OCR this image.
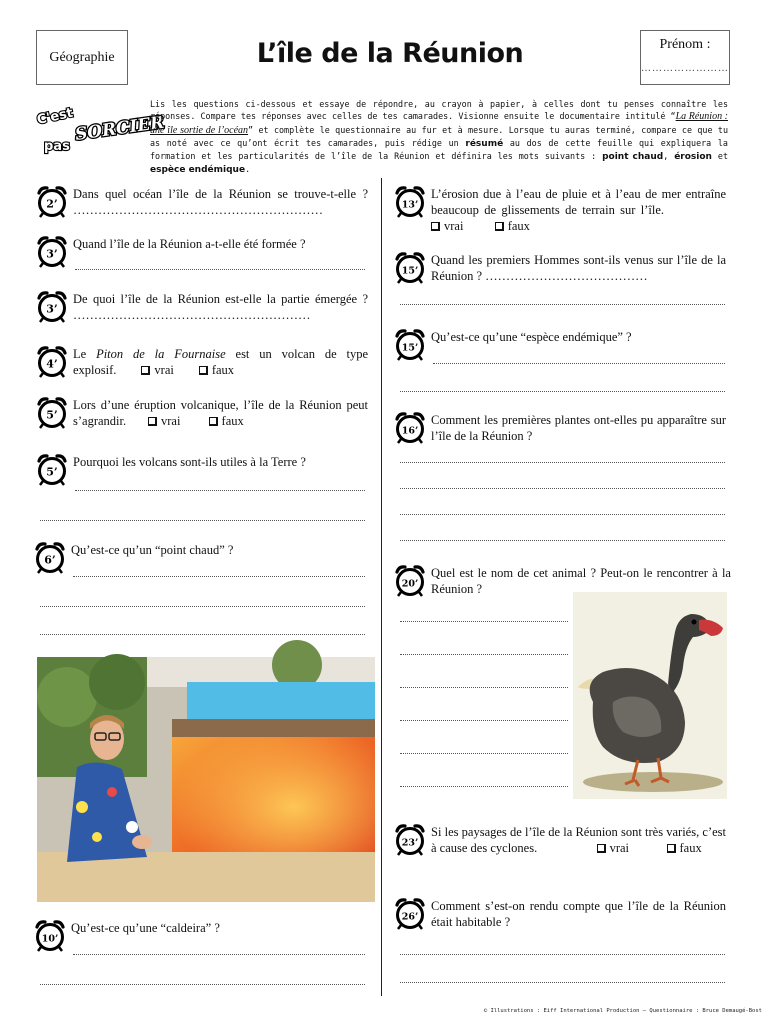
Géographie	L’île de la Réunion	Prénom :
……………………
C'est
pas
SORCIER

Lis les questions ci-dessous et essaye de répondre, au crayon à papier, à celles dont tu penses connaître les réponses. Compare tes réponses avec celles de tes camarades. Visionne ensuite le documentaire intitulé “La Réunion : une île sortie de l’océan” et complète le questionnaire au fur et à mesure. Lorsque tu auras terminé, compare ce que tu as noté avec ce qu’ont écrit tes camarades, puis rédige un résumé au dos de cette feuille qui expliquera la formation et les particularités de l’île de la Réunion et définira les mots suivants : point chaud, érosion et espèce endémique.

2’

Dans quel océan l’île de la Réunion se trouve-t-elle ? ……………………………………………………

3’

Quand l’île de la Réunion a-t-elle été formée ?

3’

De quoi l’île de la Réunion est-elle la partie émergée ? …………………………………………………

4’

Le Piton de la Fournaise est un volcan de type explosif.	vrai	faux

5’

Lors d’une éruption volcanique, l’île de la Réunion peut s’agrandir.	vrai	faux

5’

Pourquoi les volcans sont-ils utiles à la Terre ?

6’

Qu’est-ce qu’un “point chaud” ?

10’

Qu’est-ce qu’une “caldeira” ?

13’

L’érosion due à l’eau de pluie et à l’eau de mer entraîne beaucoup de glissements de terrain sur l’île.            vrai	faux

15’

Quand les premiers Hommes sont-ils venus sur l’île de la Réunion ? …………………………………

15’

Qu’est-ce qu’une “espèce endémique” ?

16’

Comment les premières plantes ont-elles pu apparaître sur l’île de la Réunion ?

20’

Quel est le nom de cet animal ? Peut-on le rencontrer à la Réunion ?

23’

Si les paysages de l’île de la Réunion sont très variés, c’est à cause des cyclones.	vrai	faux

26’

Comment s’est-on rendu compte que l’île de la Réunion était habitable ?

© Illustrations : Eiff International Production — Questionnaire : Bruce Demaugé-Bost
